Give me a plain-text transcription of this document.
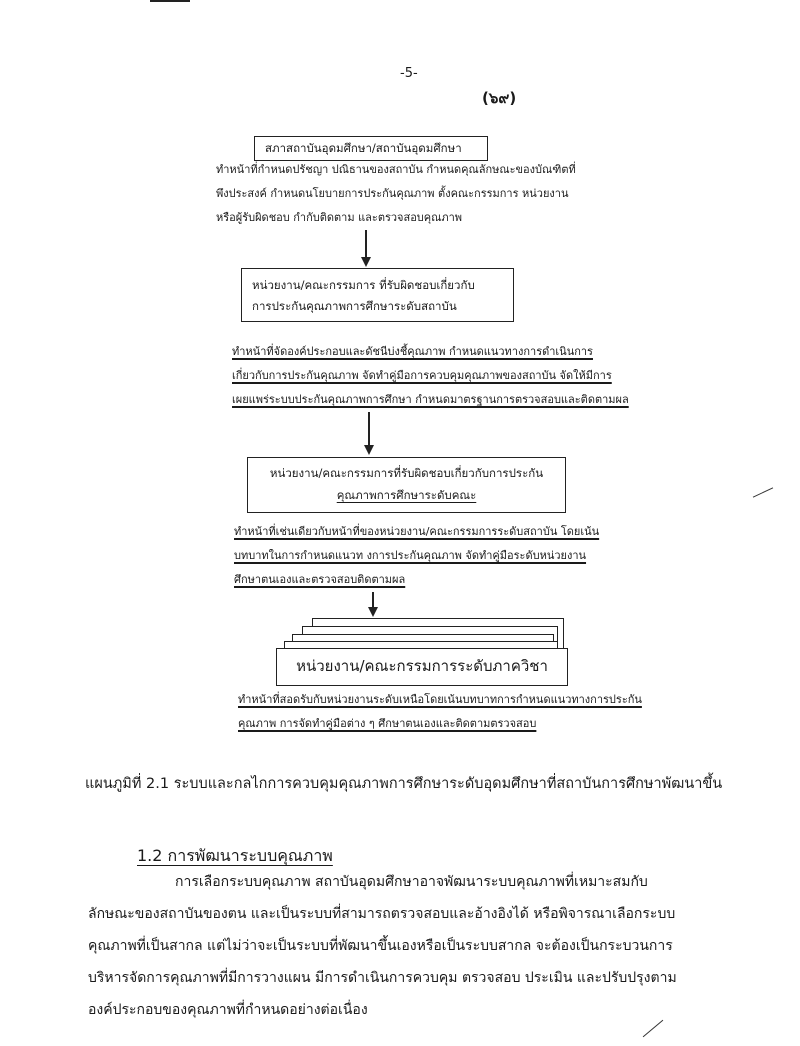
-5-
(๖๙)
สภาสถาบันอุดมศึกษา/สถาบันอุดมศึกษา
ทำหน้าที่กำหนดปรัชญา ปณิธานของสถาบัน กำหนดคุณลักษณะของบัณฑิตที่
พึงประสงค์ กำหนดนโยบายการประกันคุณภาพ ตั้งคณะกรรมการ หน่วยงาน
หรือผู้รับผิดชอบ กำกับติดตาม และตรวจสอบคุณภาพ
หน่วยงาน/คณะกรรมการ ที่รับผิดชอบเกี่ยวกับ
การประกันคุณภาพการศึกษาระดับสถาบัน
ทำหน้าที่จัดองค์ประกอบและดัชนีบ่งชี้คุณภาพ กำหนดแนวทางการดำเนินการ
เกี่ยวกับการประกันคุณภาพ จัดทำคู่มือการควบคุมคุณภาพของสถาบัน จัดให้มีการ
เผยแพร่ระบบประกันคุณภาพการศึกษา กำหนดมาตรฐานการตรวจสอบและติดตามผล
หน่วยงาน/คณะกรรมการที่รับผิดชอบเกี่ยวกับการประกัน
คุณภาพการศึกษาระดับคณะ
ทำหน้าที่เช่นเดียวกับหน้าที่ของหน่วยงาน/คณะกรรมการระดับสถาบัน โดยเน้น
บทบาทในการกำหนดแนวท งการประกันคุณภาพ จัดทำคู่มือระดับหน่วยงาน
ศึกษาตนเองและตรวจสอบติดตามผล
หน่วยงาน/คณะกรรมการระดับภาควิชา
ทำหน้าที่สอดรับกับหน่วยงานระดับเหนือโดยเน้นบทบาทการกำหนดแนวทางการประกัน
คุณภาพ การจัดทำคู่มือต่าง ๆ ศึกษาตนเองและติดตามตรวจสอบ
แผนภูมิที่ 2.1 ระบบและกลไกการควบคุมคุณภาพการศึกษาระดับอุดมศึกษาที่สถาบันการศึกษาพัฒนาขึ้น
1.2 การพัฒนาระบบคุณภาพ
การเลือกระบบคุณภาพ สถาบันอุดมศึกษาอาจพัฒนาระบบคุณภาพที่เหมาะสมกับ
ลักษณะของสถาบันของตน และเป็นระบบที่สามารถตรวจสอบและอ้างอิงได้ หรือพิจารณาเลือกระบบ
คุณภาพที่เป็นสากล แต่ไม่ว่าจะเป็นระบบที่พัฒนาขึ้นเองหรือเป็นระบบสากล จะต้องเป็นกระบวนการ
บริหารจัดการคุณภาพที่มีการวางแผน มีการดำเนินการควบคุม ตรวจสอบ ประเมิน และปรับปรุงตาม
องค์ประกอบของคุณภาพที่กำหนดอย่างต่อเนื่อง
